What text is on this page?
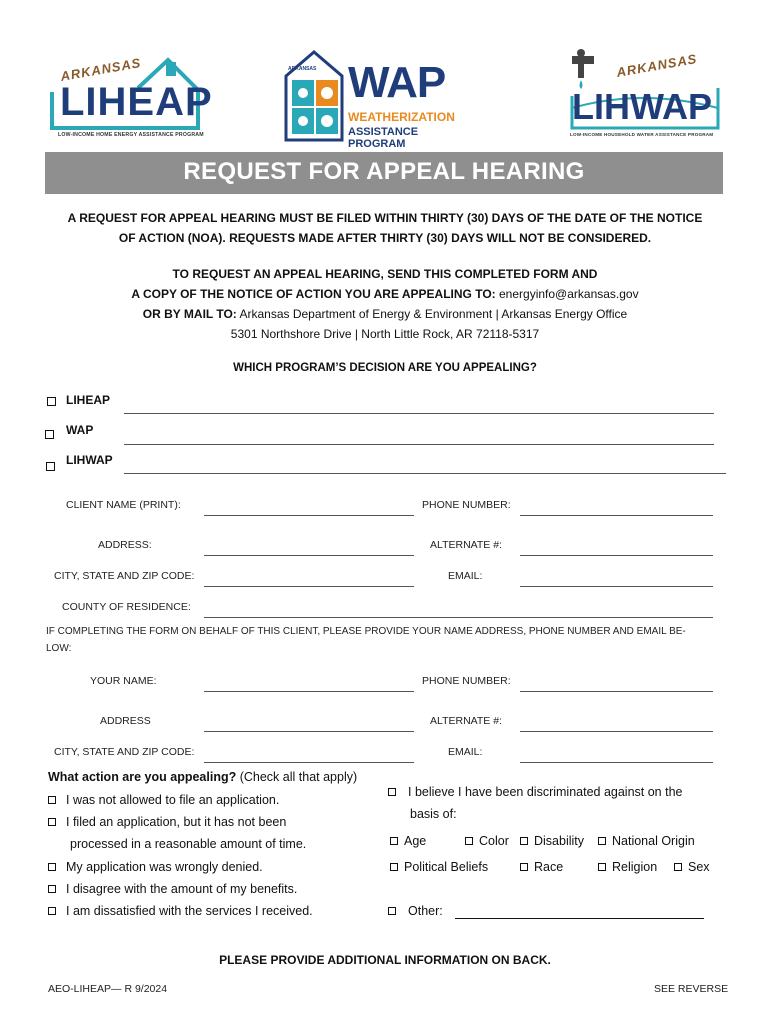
ARKANSAS
LIHEAP
LOW-INCOME HOME ENERGY ASSISTANCE PROGRAM
ARKANSAS WAP
WEATHERIZATION
ASSISTANCE PROGRAM
ARKANSAS
LIHWAP
LOW-INCOME HOUSEHOLD WATER ASSISTANCE PROGRAM
REQUEST FOR APPEAL HEARING
A REQUEST FOR APPEAL HEARING MUST BE FILED WITHIN THIRTY (30) DAYS OF THE DATE OF THE NOTICE
OF ACTION (NOA). REQUESTS MADE AFTER THIRTY (30) DAYS WILL NOT BE CONSIDERED.
TO REQUEST AN APPEAL HEARING, SEND THIS COMPLETED FORM AND
A COPY OF THE NOTICE OF ACTION YOU ARE APPEALING TO: energyinfo@arkansas.gov
OR BY MAIL TO: Arkansas Department of Energy & Environment | Arkansas Energy Office
5301 Northshore Drive | North Little Rock, AR 72118-5317
WHICH PROGRAM’S DECISION ARE YOU APPEALING?
LIHEAP
WAP
LIHWAP
CLIENT NAME (PRINT):	PHONE NUMBER:
ADDRESS:	ALTERNATE #:
CITY, STATE AND ZIP CODE:	EMAIL:
COUNTY OF RESIDENCE:
IF COMPLETING THE FORM ON BEHALF OF THIS CLIENT, PLEASE PROVIDE YOUR NAME ADDRESS, PHONE NUMBER AND EMAIL BE-
LOW:
YOUR NAME:	PHONE NUMBER:
ADDRESS	ALTERNATE #:
CITY, STATE AND ZIP CODE:	EMAIL:
What action are you appealing? (Check all that apply)
I was not allowed to file an application.
I filed an application, but it has not been
processed in a reasonable amount of time.
My application was wrongly denied.
I disagree with the amount of my benefits.
I am dissatisfied with the services I received.
I believe I have been discriminated against on the
basis of:
Age	Color	Disability	National Origin
Political Beliefs	Race	Religion	Sex
Other:
PLEASE PROVIDE ADDITIONAL INFORMATION ON BACK.
AEO-LIHEAP— R 9/2024	SEE REVERSE
